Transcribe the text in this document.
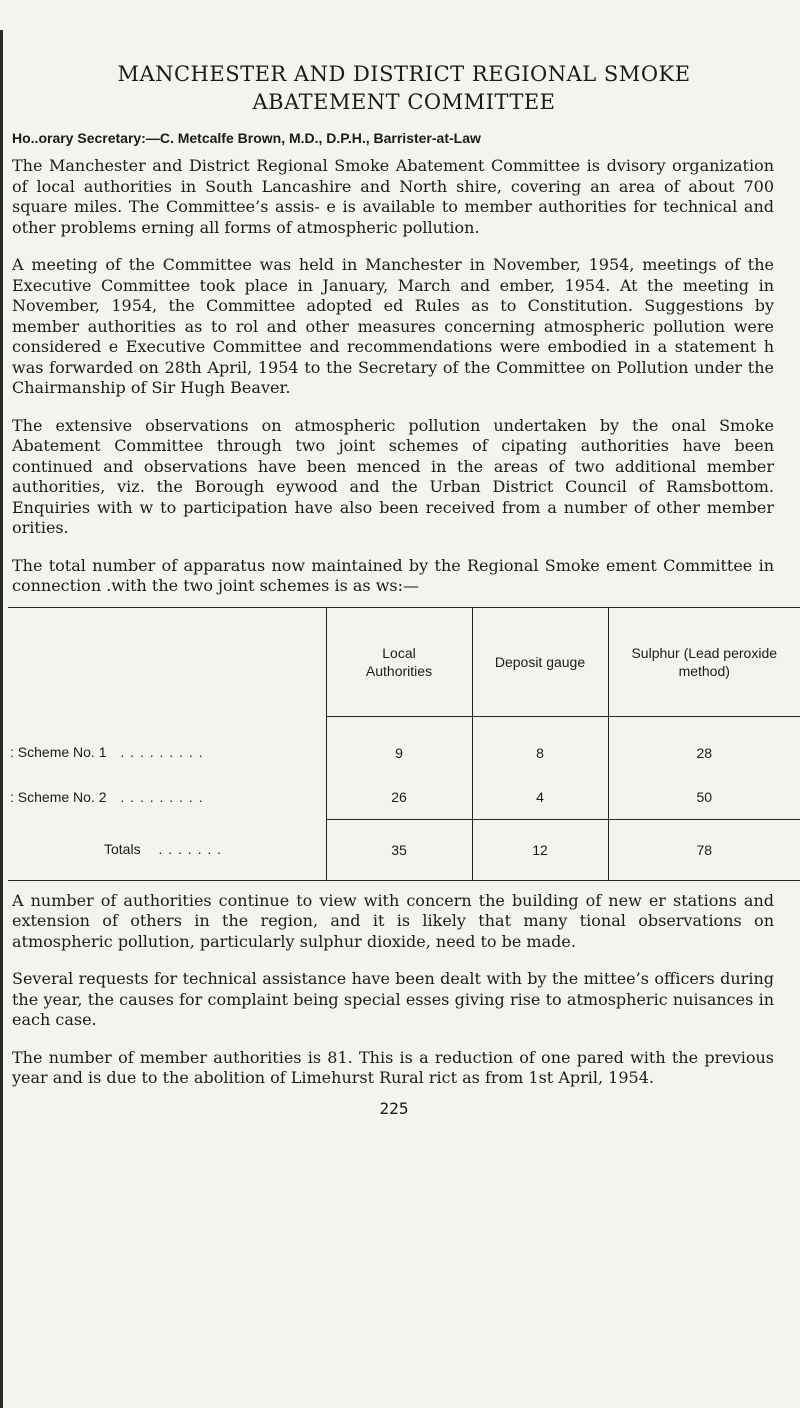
MANCHESTER AND DISTRICT REGIONAL SMOKE
ABATEMENT COMMITTEE
Ho..orary Secretary:—C. Metcalfe Brown, M.D., D.P.H., Barrister-at-Law

The Manchester and District Regional Smoke Abatement Committee is dvisory organization of local authorities in South Lancashire and North shire, covering an area of about 700 square miles. The Committee’s assis- e is available to member authorities for technical and other problems erning all forms of atmospheric pollution.

A meeting of the Committee was held in Manchester in November, 1954, meetings of the Executive Committee took place in January, March and ember, 1954. At the meeting in November, 1954, the Committee adopted ed Rules as to Constitution. Suggestions by member authorities as to rol and other measures concerning atmospheric pollution were considered e Executive Committee and recommendations were embodied in a statement h was forwarded on 28th April, 1954 to the Secretary of the Committee on Pollution under the Chairmanship of Sir Hugh Beaver.

The extensive observations on atmospheric pollution undertaken by the onal Smoke Abatement Committee through two joint schemes of cipating authorities have been continued and observations have been menced in the areas of two additional member authorities, viz. the Borough eywood and the Urban District Council of Ramsbottom. Enquiries with w to participation have also been received from a number of other member orities.

The total number of apparatus now maintained by the Regional Smoke ement Committee in connection .with the two joint schemes is as ws:—

	Local Authorities	Deposit gauge	Sulphur (Lead peroxide method)
: Scheme No. 1 . . . . . . . . .	9	8	28
: Scheme No. 2 . . . . . . . . .	26	4	50
Totals . . . . . . .	35	12	78

A number of authorities continue to view with concern the building of new er stations and extension of others in the region, and it is likely that many tional observations on atmospheric pollution, particularly sulphur dioxide, need to be made.

Several requests for technical assistance have been dealt with by the mittee’s officers during the year, the causes for complaint being special esses giving rise to atmospheric nuisances in each case.

The number of member authorities is 81. This is a reduction of one pared with the previous year and is due to the abolition of Limehurst Rural rict as from 1st April, 1954.

225
